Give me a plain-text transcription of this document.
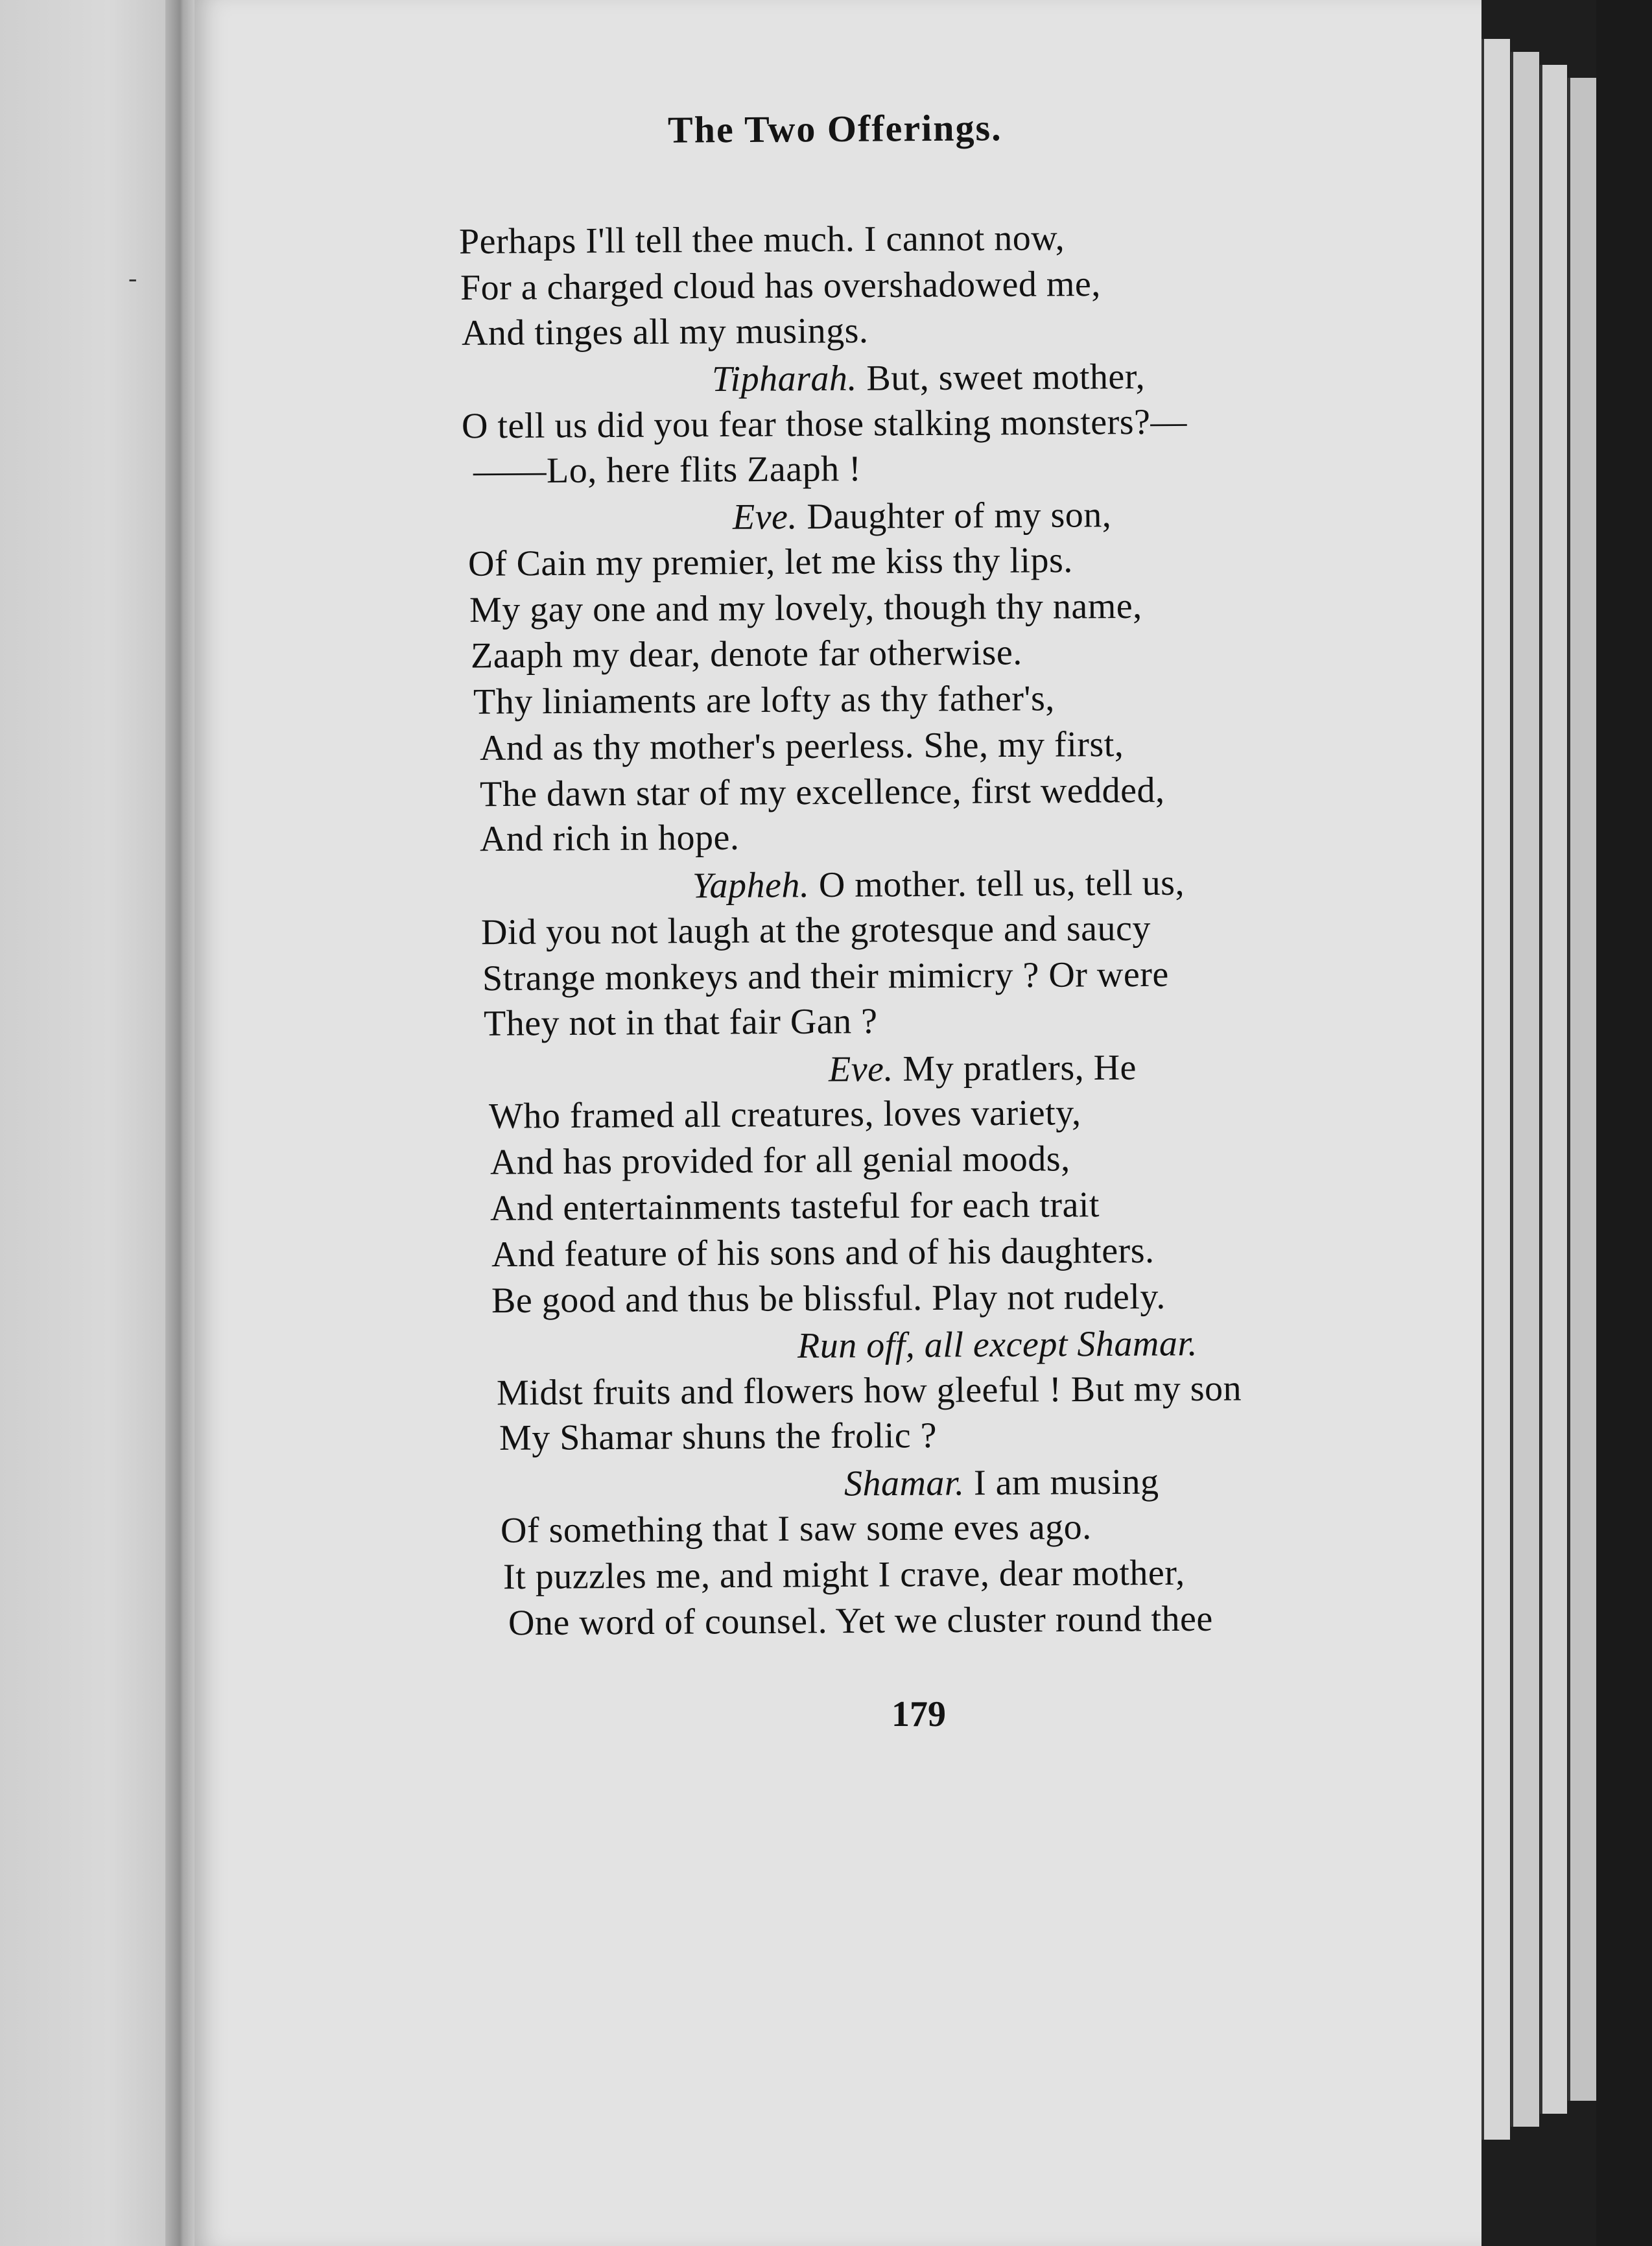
-
The Two Offerings.
Perhaps I'll tell thee much. I cannot now,
For a charged cloud has overshadowed me,
And tinges all my musings.
Tipharah. But, sweet mother,
O tell us did you fear those stalking monsters?—
——Lo, here flits Zaaph !
Eve. Daughter of my son,
Of Cain my premier, let me kiss thy lips.
My gay one and my lovely, though thy name,
Zaaph my dear, denote far otherwise.
Thy liniaments are lofty as thy father's,
And as thy mother's peerless. She, my first,
The dawn star of my excellence, first wedded,
And rich in hope.
Yapheh. O mother. tell us, tell us,
Did you not laugh at the grotesque and saucy
Strange monkeys and their mimicry ? Or were
They not in that fair Gan ?
Eve. My pratlers, He
Who framed all creatures, loves variety,
And has provided for all genial moods,
And entertainments tasteful for each trait
And feature of his sons and of his daughters.
Be good and thus be blissful. Play not rudely.
Run off, all except Shamar.
Midst fruits and flowers how gleeful ! But my son
My Shamar shuns the frolic ?
Shamar. I am musing
Of something that I saw some eves ago.
It puzzles me, and might I crave, dear mother,
One word of counsel. Yet we cluster round thee
179
